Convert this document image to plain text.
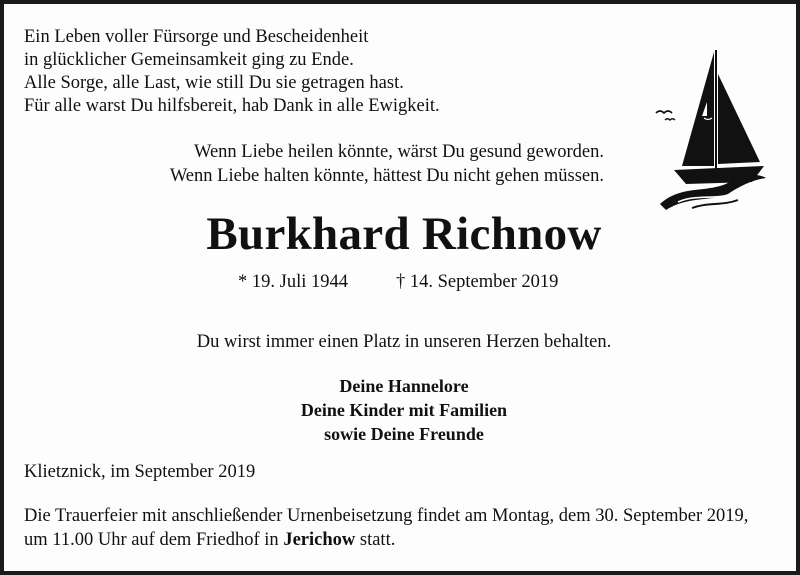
Ein Leben voller Fürsorge und Bescheidenheit
in glücklicher Gemeinsamkeit ging zu Ende.
Alle Sorge, alle Last, wie still Du sie getragen hast.
Für alle warst Du hilfsbereit, hab Dank in alle Ewigkeit.
Wenn Liebe heilen könnte, wärst Du gesund geworden.
Wenn Liebe halten könnte, hättest Du nicht gehen müssen.
Burkhard Richnow
* 19. Juli 1944	† 14. September 2019
Du wirst immer einen Platz in unseren Herzen behalten.
Deine Hannelore
Deine Kinder mit Familien
sowie Deine Freunde
Klietznick, im September 2019
Die Trauerfeier mit anschließender Urnenbeisetzung findet am Montag, dem 30. September 2019,
um 11.00 Uhr auf dem Friedhof in Jerichow statt.
